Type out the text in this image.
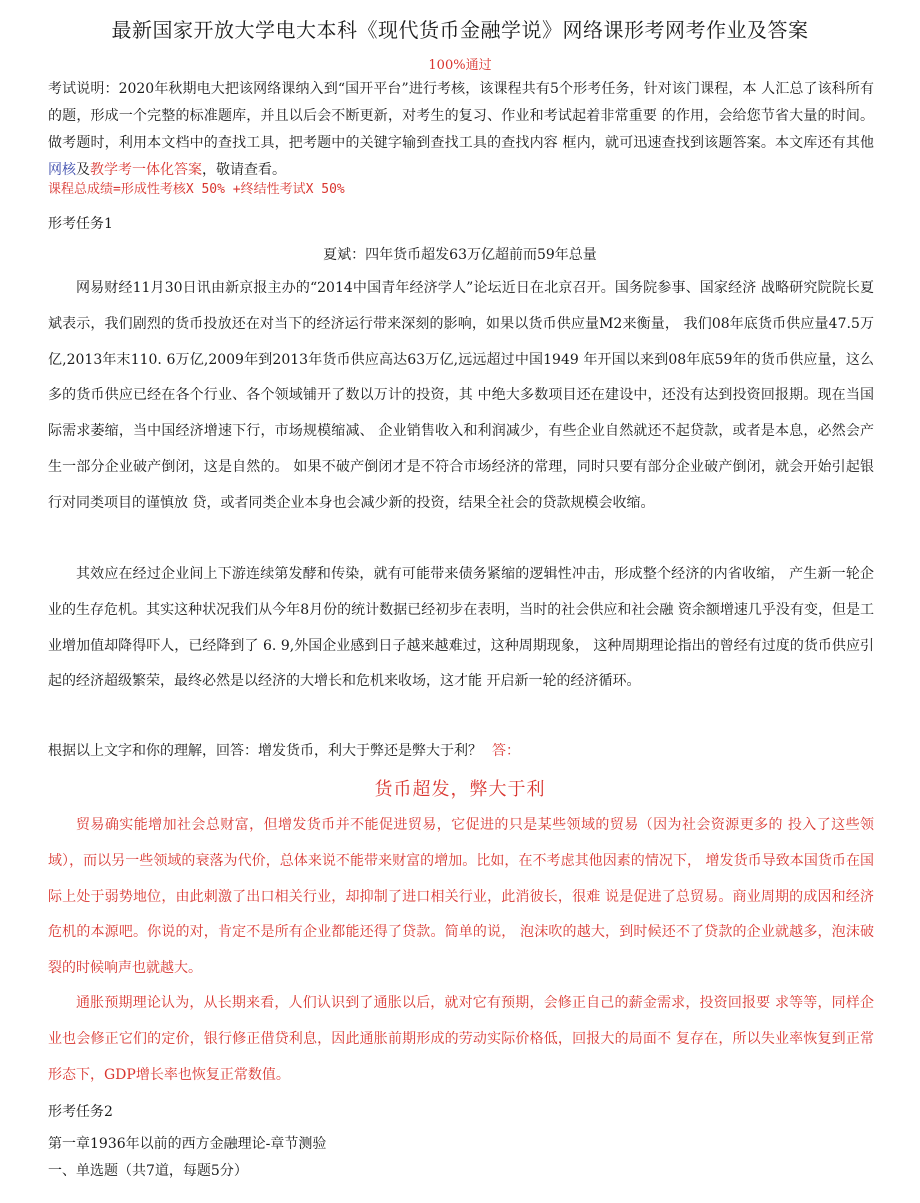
最新国家开放大学电大本科《现代货币金融学说》网络课形考网考作业及答案
100%通过

考试说明：2020年秋期电大把该网络课纳入到“国开平台”进行考核，该课程共有5个形考任务，针对该门课程，本 人汇总了该科所有的题，形成一个完整的标准题库，并且以后会不断更新，对考生的复习、作业和考试起着非常重要 的作用，会给您节省大量的时间。做考题时，利用本文档中的查找工具，把考题中的关键字输到查找工具的查找内容 框内，就可迅速查找到该题答案。本文库还有其他网核及教学考一体化答案，敬请查看。

课程总成绩=形成性考核X 50% +终结性考试X 50%
形考任务1
夏斌：四年货币超发63万亿超前而59年总量

网易财经11月30日讯由新京报主办的“2014中国青年经济学人”论坛近日在北京召开。国务院参事、国家经济 战略研究院院长夏斌表示，我们剧烈的货币投放还在对当下的经济运行带来深刻的影响，如果以货币供应量M2来衡量， 我们08年底货币供应量47.5万亿,2013年末110. 6万亿,2009年到2013年货币供应高达63万亿,远远超过中国1949 年开国以来到08年底59年的货币供应量，这么多的货币供应已经在各个行业、各个领域铺开了数以万计的投资，其 中绝大多数项目还在建设中，还没有达到投资回报期。现在当国际需求萎缩，当中国经济增速下行，市场规模缩减、 企业销售收入和利润减少，有些企业自然就还不起贷款，或者是本息，必然会产生一部分企业破产倒闭，这是自然的。 如果不破产倒闭才是不符合市场经济的常理，同时只要有部分企业破产倒闭，就会开始引起银行对同类项目的谨慎放 贷，或者同类企业本身也会减少新的投资，结果全社会的贷款规模会收缩。

其效应在经过企业间上下游连续第发酵和传染，就有可能带来债务紧缩的逻辑性冲击，形成整个经济的内省收缩， 产生新一轮企业的生存危机。其实这种状况我们从今年8月份的统计数据已经初步在表明，当时的社会供应和社会融 资余额增速几乎没有变，但是工业增加值却降得吓人，已经降到了 6. 9,外国企业感到日子越来越难过，这种周期现象， 这种周期理论指出的曾经有过度的货币供应引起的经济超级繁荣，最终必然是以经济的大增长和危机来收场，这才能 开启新一轮的经济循环。

根据以上文字和你的理解，回答：增发货币，利大于弊还是弊大于利？ 答：
货币超发，弊大于利

贸易确实能增加社会总财富，但增发货币并不能促进贸易，它促进的只是某些领域的贸易（因为社会资源更多的 投入了这些领域），而以另一些领域的衰落为代价，总体来说不能带来财富的增加。比如，在不考虑其他因素的情况下， 增发货币导致本国货币在国际上处于弱势地位，由此刺激了出口相关行业，却抑制了进口相关行业，此消彼长，很难 说是促进了总贸易。商业周期的成因和经济危机的本源吧。你说的对，肯定不是所有企业都能还得了贷款。简单的说， 泡沫吹的越大，到时候还不了贷款的企业就越多，泡沫破裂的时候响声也就越大。

通胀预期理论认为，从长期来看，人们认识到了通胀以后，就对它有预期，会修正自己的薪金需求，投资回报要 求等等，同样企业也会修正它们的定价，银行修正借贷利息，因此通胀前期形成的劳动实际价格低，回报大的局面不 复存在，所以失业率恢复到正常形态下，GDP增长率也恢复正常数值。

形考任务2
第一章1936年以前的西方金融理论-章节测验
一、单选题（共7道，每题5分）
